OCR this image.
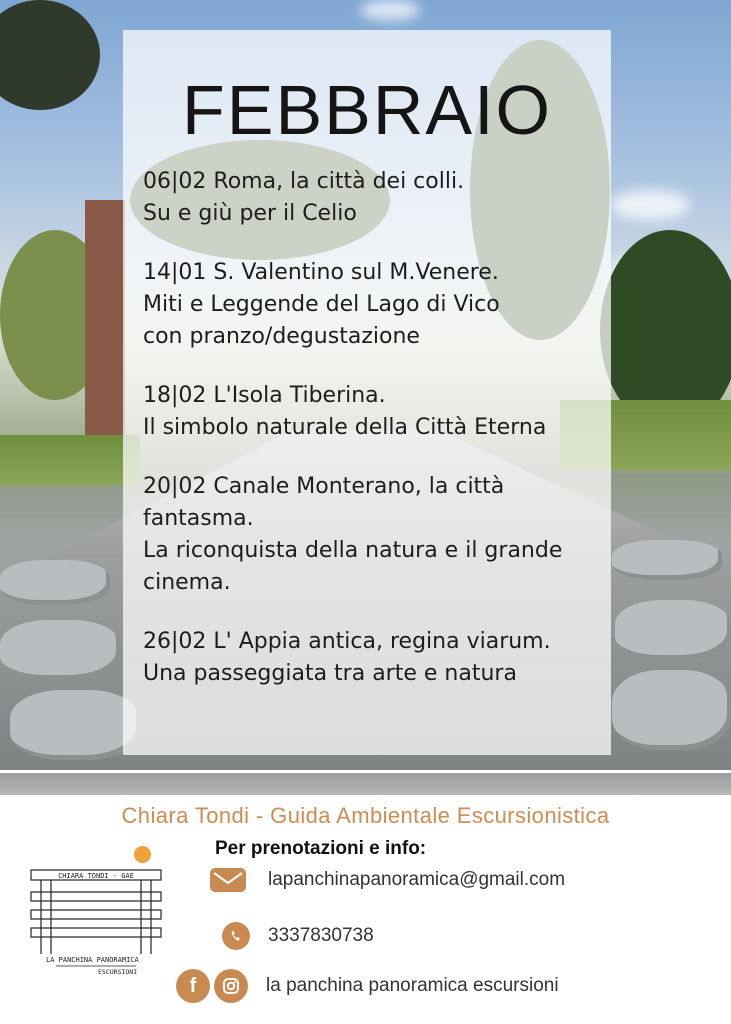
FEBBRAIO
06|02 Roma, la città dei colli.
Su e giù per il Celio
14|01 S. Valentino sul M.Venere.
Miti e Leggende del Lago di Vico
con pranzo/degustazione
18|02 L'Isola Tiberina.
Il simbolo naturale della Città Eterna
20|02 Canale Monterano, la città
fantasma.
La riconquista della natura e il grande
cinema.
26|02 L' Appia antica, regina viarum.
Una passeggiata tra arte e natura
Chiara Tondi - Guida Ambientale Escursionistica
Per prenotazioni e info:
CHIARA TONDI - GAE
LA PANCHINA PANORAMICA
ESCURSIONI
lapanchinapanoramica@gmail.com
3337830738
f	la panchina panoramica escursioni
